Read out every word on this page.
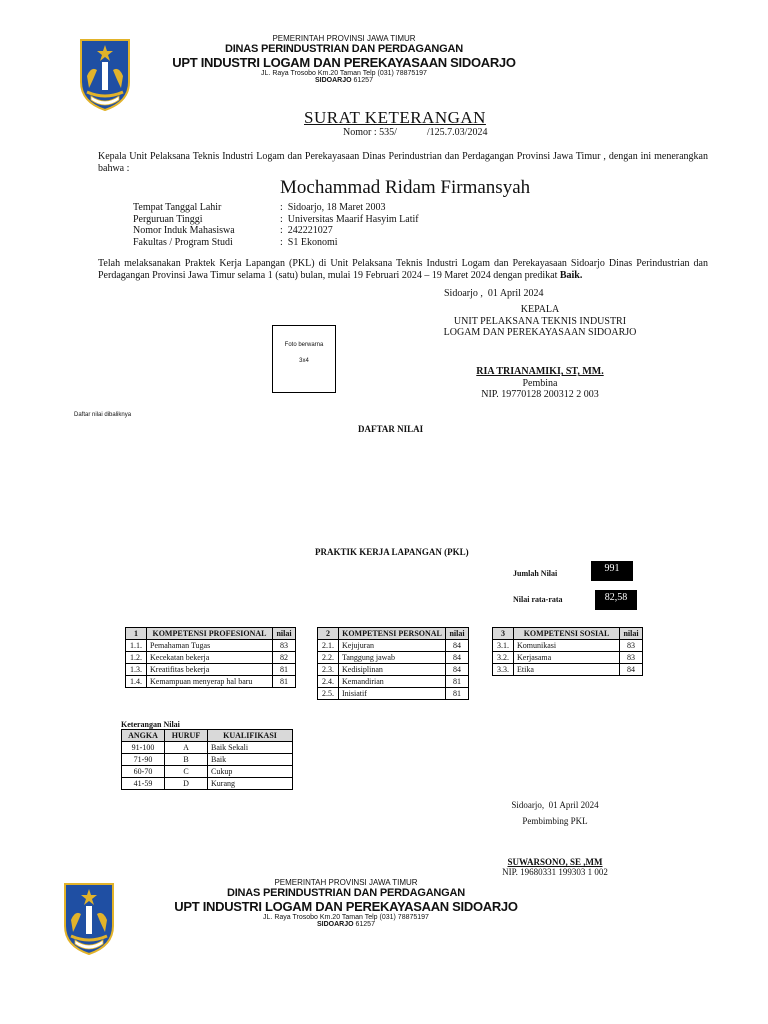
PEMERINTAH PROVINSI JAWA TIMUR
DINAS PERINDUSTRIAN DAN PERDAGANGAN
UPT INDUSTRI LOGAM DAN PEREKAYASAAN SIDOARJO
JL. Raya Trosobo Km.20 Taman Telp (031) 78875197
SIDOARJO 61257
SURAT KETERANGAN
Nomor : 535/            /125.7.03/2024
Kepala Unit Pelaksana Teknis Industri Logam dan Perekayasaan Dinas Perindustrian dan Perdagangan Provinsi Jawa Timur , dengan ini menerangkan bahwa :
Mochammad Ridam Firmansyah
Tempat Tanggal Lahir	:  Sidoarjo, 18 Maret 2003
Perguruan Tinggi	:  Universitas Maarif Hasyim Latif
Nomor Induk Mahasiswa	:  242221027
Fakultas / Program Studi	:  S1 Ekonomi
Telah melaksanakan Praktek Kerja Lapangan (PKL) di Unit Pelaksana Teknis Industri Logam dan Perekayasaan Sidoarjo Dinas Perindustrian dan Perdagangan Provinsi Jawa Timur selama 1 (satu) bulan, mulai 19 Februari 2024 – 19 Maret 2024 dengan predikat Baik.
Sidoarjo ,  01 April 2024
KEPALA
UNIT PELAKSANA TEKNIS INDUSTRI
LOGAM DAN PEREKAYASAAN SIDOARJO
RIA TRIANAMIKI, ST, MM.
Pembina
NIP. 19770128 200312 2 003
Foto berwarna
3x4
Daftar nilai dibaliknya
DAFTAR NILAI
PRAKTIK KERJA LAPANGAN (PKL)
Jumlah Nilai	991
Nilai rata-rata	82,58
1	KOMPETENSI PROFESIONAL	nilai
1.1.	Pemahaman Tugas	83
1.2.	Kecekatan bekerja	82
1.3.	Kreatifitas bekerja	81
1.4.	Kemampuan menyerap hal baru	81
2	KOMPETENSI PERSONAL	nilai
2.1.	Kejujuran	84
2.2.	Tanggung jawab	84
2.3.	Kedisiplinan	84
2.4.	Kemandirian	81
2.5.	Inisiatif	81
3	KOMPETENSI SOSIAL	nilai
3.1.	Komunikasi	83
3.2.	Kerjasama	83
3.3.	Etika	84
Keterangan Nilai
ANGKA	HURUF	KUALIFIKASI
91-100	A	Baik Sekali
71-90	B	Baik
60-70	C	Cukup
41-59	D	Kurang
Sidoarjo,  01 April 2024
Pembimbing PKL
SUWARSONO, SE ,MM
NIP. 19680331 199303 1 002
PEMERINTAH PROVINSI JAWA TIMUR
DINAS PERINDUSTRIAN DAN PERDAGANGAN
UPT INDUSTRI LOGAM DAN PEREKAYASAAN SIDOARJO
JL. Raya Trosobo Km.20 Taman Telp (031) 78875197
SIDOARJO 61257
